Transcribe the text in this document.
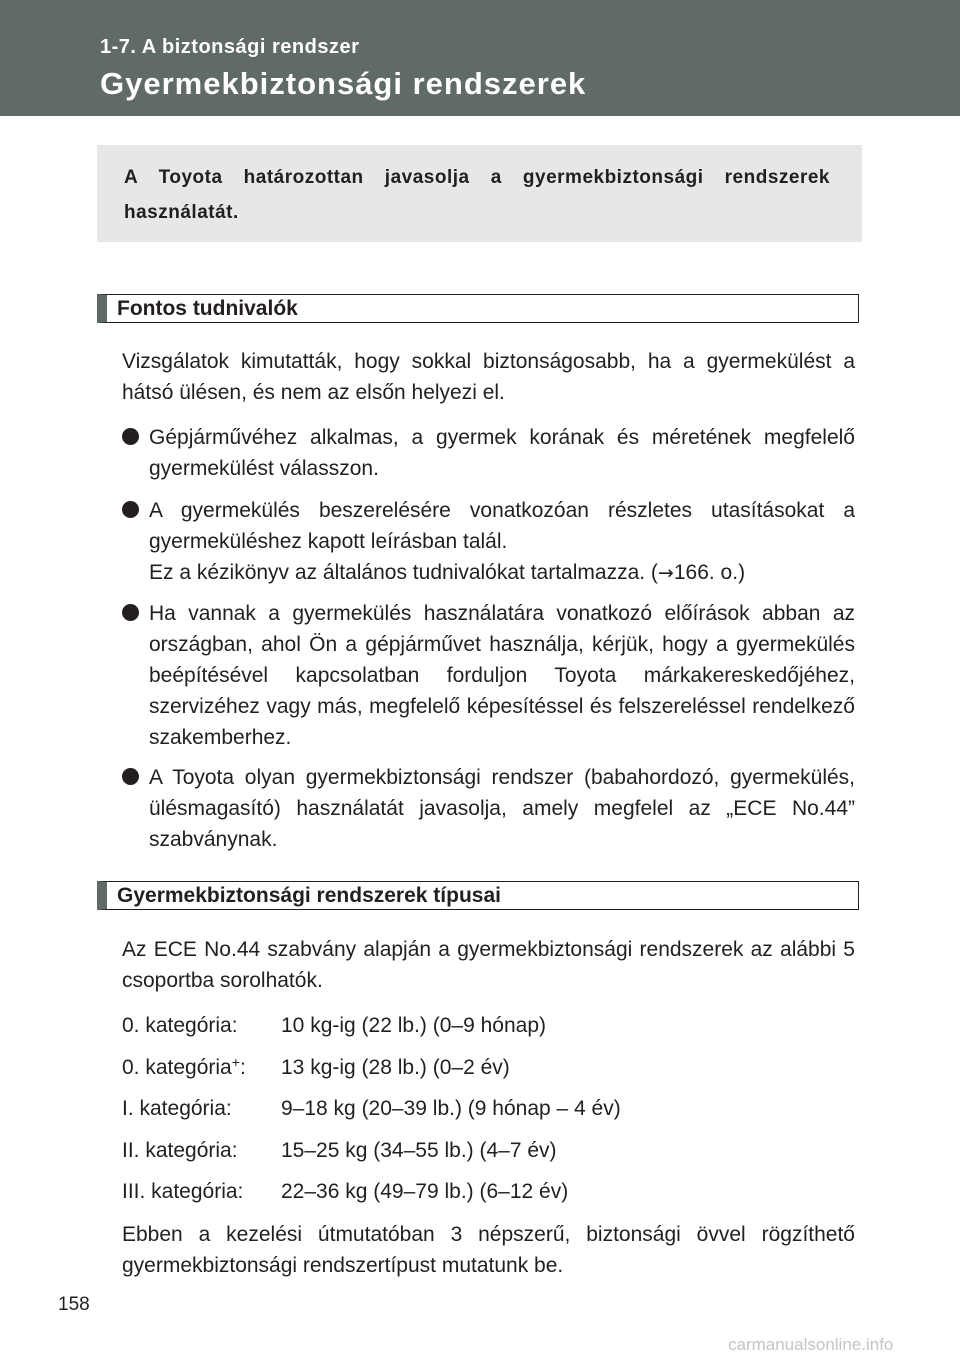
1-7. A biztonsági rendszer
Gyermekbiztonsági rendszerek
A Toyota határozottan javasolja a gyermekbiztonsági rendszerek használatát.
Fontos tudnivalók
Vizsgálatok kimutatták, hogy sokkal biztonságosabb, ha a gyermekülést a hátsó ülésen, és nem az elsőn helyezi el.
Gépjárművéhez alkalmas, a gyermek korának és méretének megfelelő gyermekülést válasszon.
A gyermekülés beszerelésére vonatkozóan részletes utasításokat a gyermeküléshez kapott leírásban talál.
Ez a kézikönyv az általános tudnivalókat tartalmazza. (→166. o.)
Ha vannak a gyermekülés használatára vonatkozó előírások abban az országban, ahol Ön a gépjárművet használja, kérjük, hogy a gyermekülés beépítésével kapcsolatban forduljon Toyota márkakereskedőjéhez, szervizéhez vagy más, megfelelő képesítéssel és felszereléssel rendelkező szakemberhez.
A Toyota olyan gyermekbiztonsági rendszer (babahordozó, gyermekülés, ülésmagasító) használatát javasolja, amely megfelel az „ECE No.44” szabványnak.
Gyermekbiztonsági rendszerek típusai
Az ECE No.44 szabvány alapján a gyermekbiztonsági rendszerek az alábbi 5 csoportba sorolhatók.
0. kategória: 10 kg-ig (22 lb.) (0–9 hónap)
0. kategória+: 13 kg-ig (28 lb.) (0–2 év)
I. kategória: 9–18 kg (20–39 lb.) (9 hónap – 4 év)
II. kategória: 15–25 kg (34–55 lb.) (4–7 év)
III. kategória: 22–36 kg (49–79 lb.) (6–12 év)
Ebben a kezelési útmutatóban 3 népszerű, biztonsági övvel rögzíthető gyermekbiztonsági rendszertípust mutatunk be.
158
carmanualsonline.info
